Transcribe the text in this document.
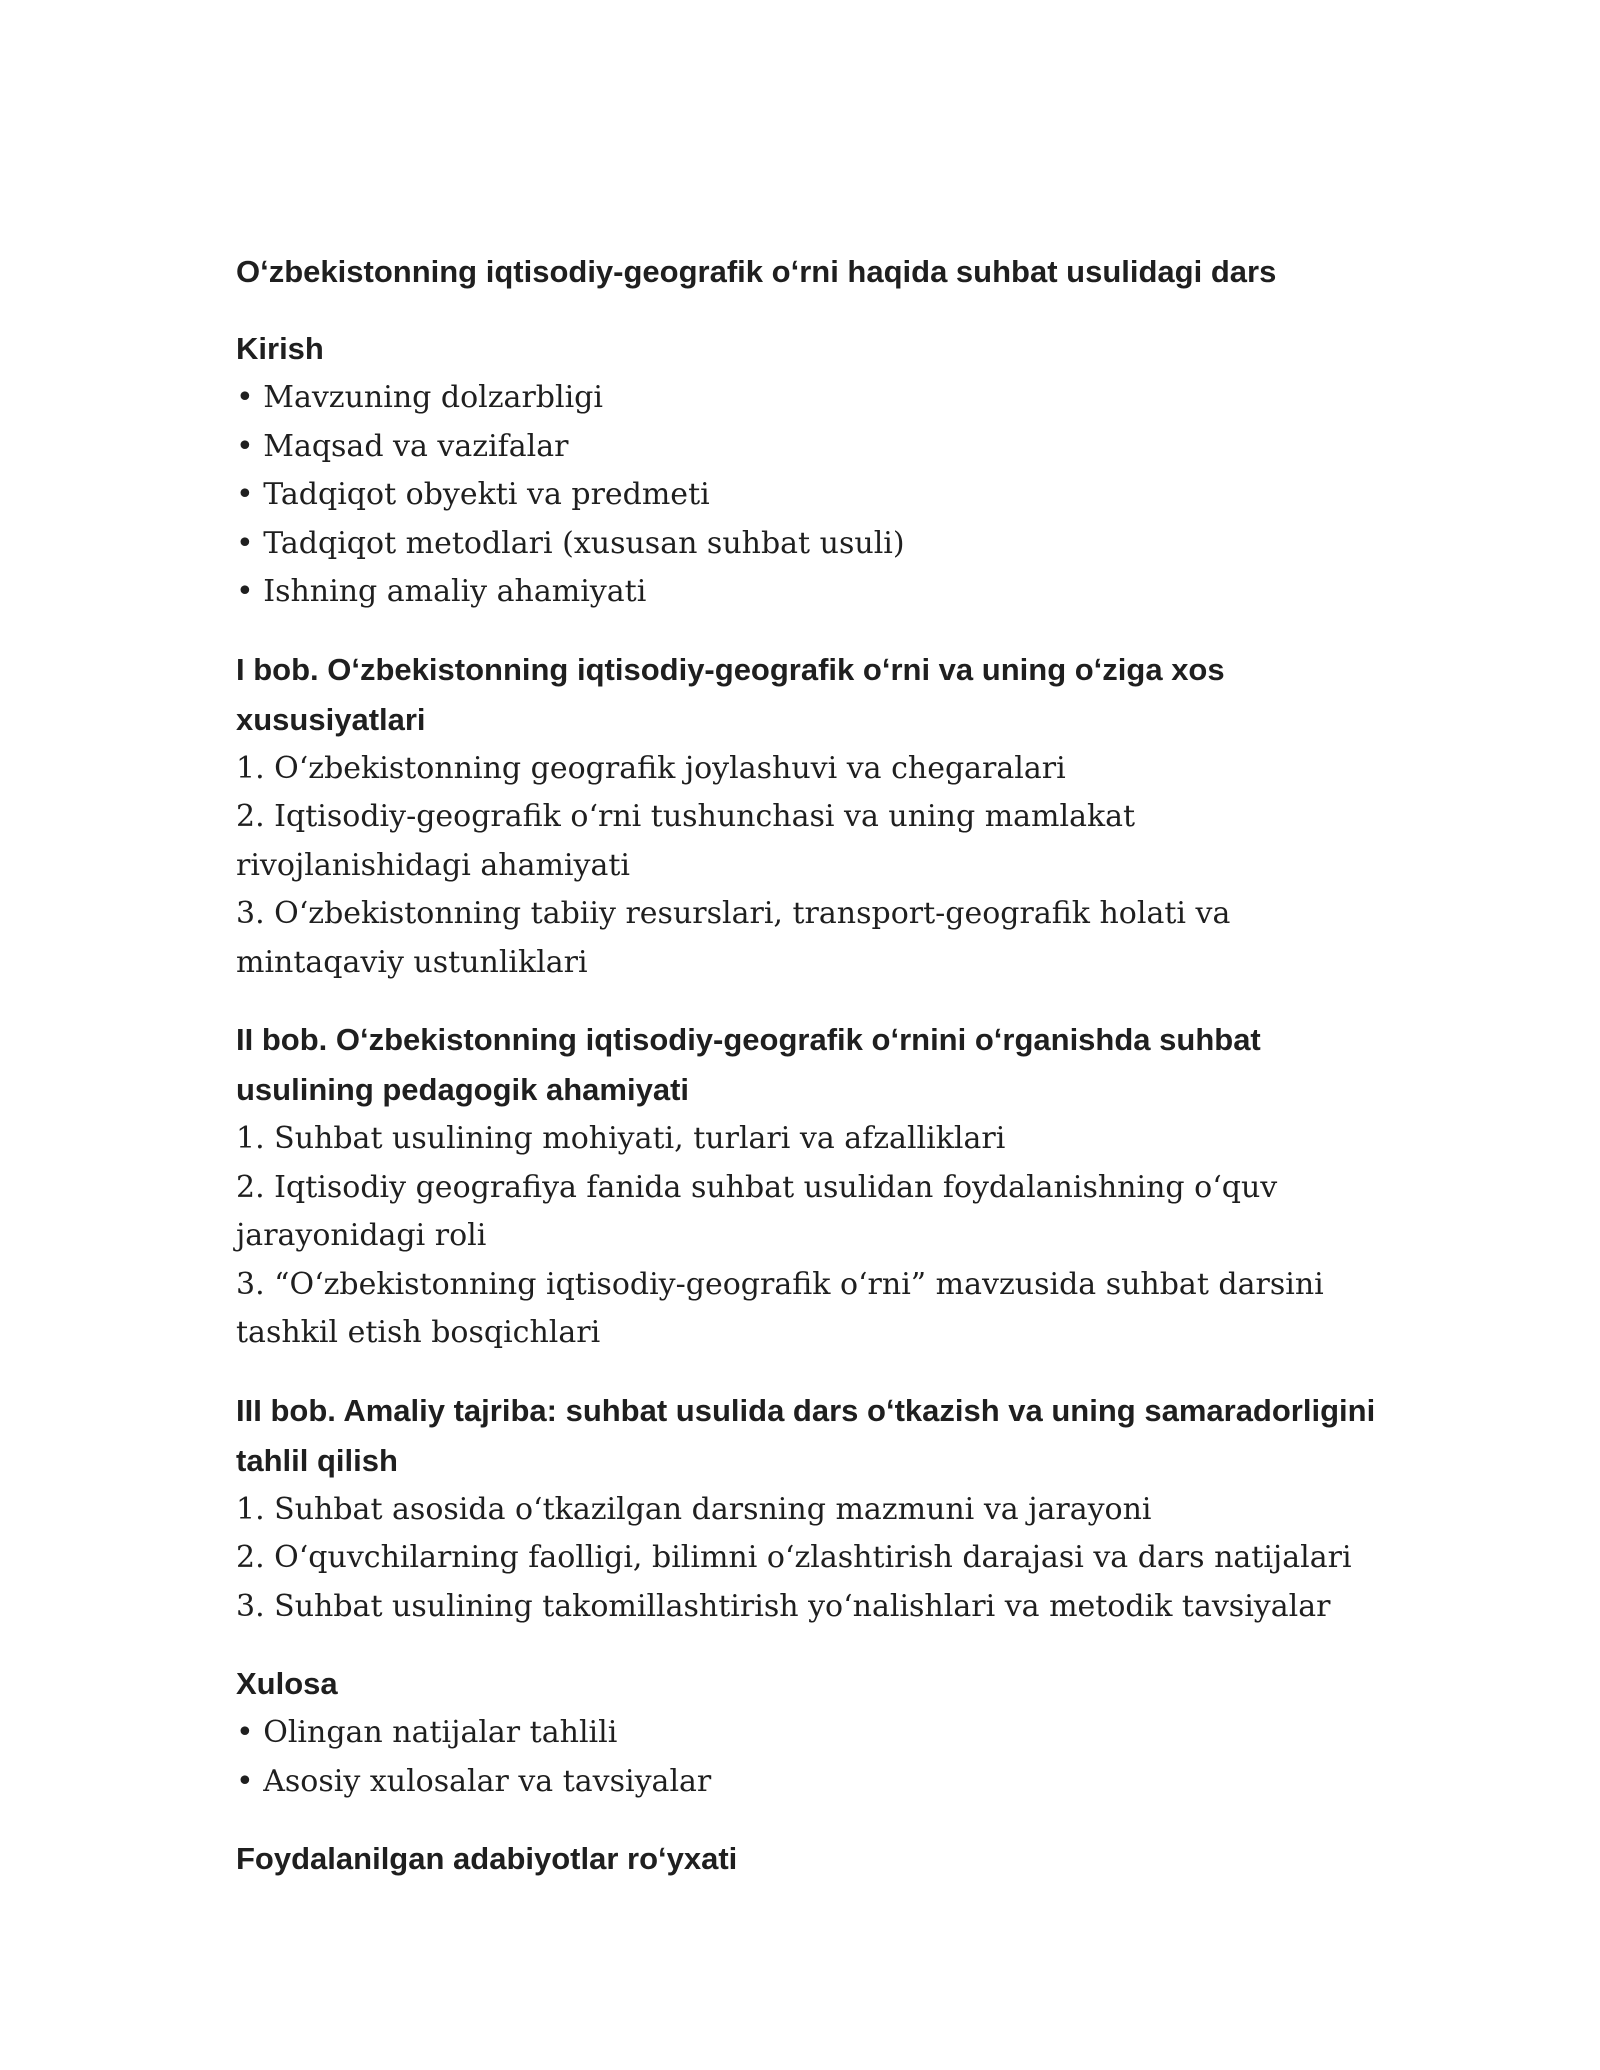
Oʻzbekistonning iqtisodiy-geografik oʻrni haqida suhbat usulidagi dars
Kirish
• Mavzuning dolzarbligi
• Maqsad va vazifalar
• Tadqiqot obyekti va predmeti
• Tadqiqot metodlari (xususan suhbat usuli)
• Ishning amaliy ahamiyati
I bob. Oʻzbekistonning iqtisodiy-geografik oʻrni va uning oʻziga xos xususiyatlari
1. Oʻzbekistonning geografik joylashuvi va chegaralari
2. Iqtisodiy-geografik oʻrni tushunchasi va uning mamlakat rivojlanishidagi ahamiyati
3. Oʻzbekistonning tabiiy resurslari, transport-geografik holati va mintaqaviy ustunliklari
II bob. Oʻzbekistonning iqtisodiy-geografik oʻrnini oʻrganishda suhbat usulining pedagogik ahamiyati
1. Suhbat usulining mohiyati, turlari va afzalliklari
2. Iqtisodiy geografiya fanida suhbat usulidan foydalanishning oʻquv jarayonidagi roli
3. “Oʻzbekistonning iqtisodiy-geografik oʻrni” mavzusida suhbat darsini tashkil etish bosqichlari
III bob. Amaliy tajriba: suhbat usulida dars oʻtkazish va uning samaradorligini tahlil qilish
1. Suhbat asosida oʻtkazilgan darsning mazmuni va jarayoni
2. Oʻquvchilarning faolligi, bilimni oʻzlashtirish darajasi va dars natijalari
3. Suhbat usulining takomillashtirish yoʻnalishlari va metodik tavsiyalar
Xulosa
• Olingan natijalar tahlili
• Asosiy xulosalar va tavsiyalar
Foydalanilgan adabiyotlar roʻyxati
